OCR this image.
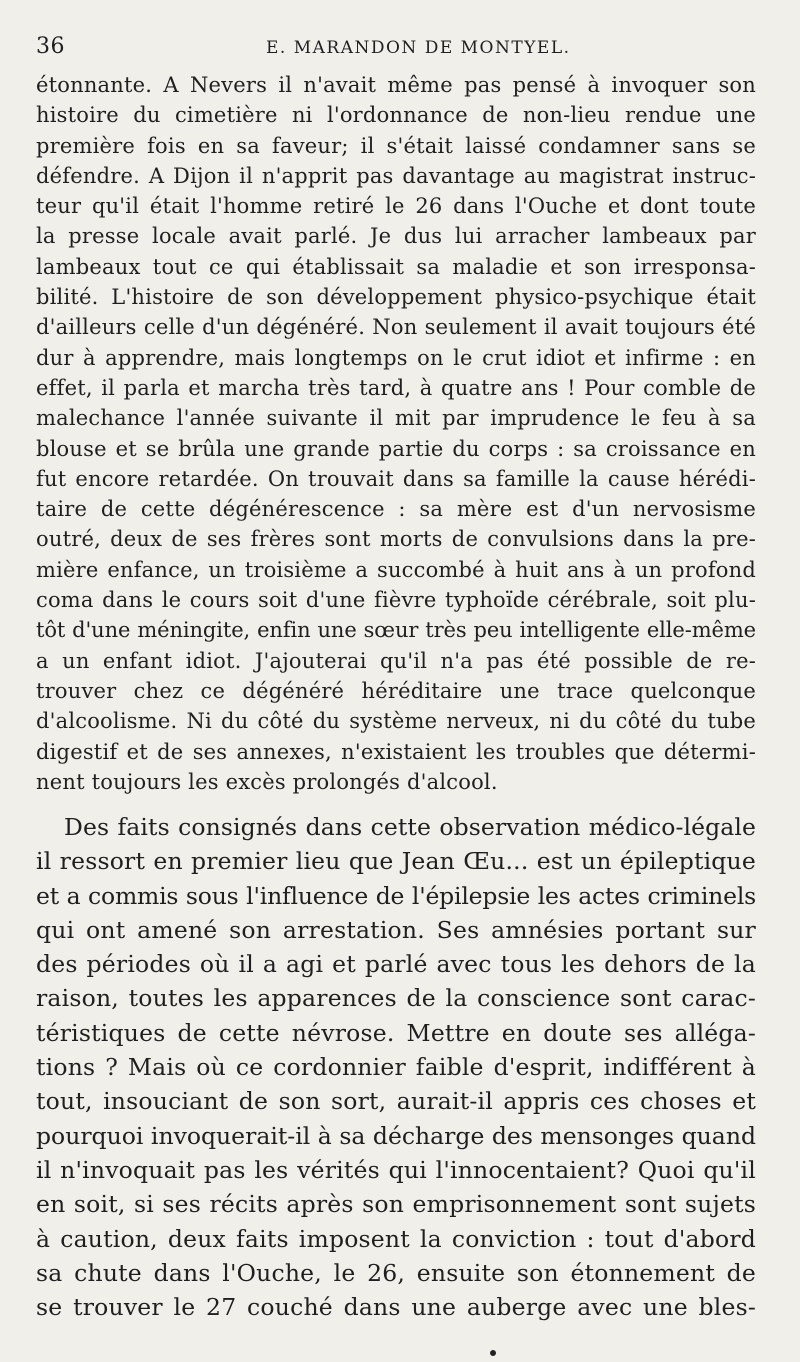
36	E. MARANDON DE MONTYEL.
étonnante. A Nevers il n'avait même pas pensé à invoquer son
histoire du cimetière ni l'ordonnance de non-lieu rendue une
première fois en sa faveur; il s'était laissé condamner sans se
défendre. A Dijon il n'apprit pas davantage au magistrat instruc-
teur qu'il était l'homme retiré le 26 dans l'Ouche et dont toute
la presse locale avait parlé. Je dus lui arracher lambeaux par
lambeaux tout ce qui établissait sa maladie et son irresponsa-
bilité. L'histoire de son développement physico-psychique était
d'ailleurs celle d'un dégénéré. Non seulement il avait toujours été
dur à apprendre, mais longtemps on le crut idiot et infirme : en
effet, il parla et marcha très tard, à quatre ans ! Pour comble de
malechance l'année suivante il mit par imprudence le feu à sa
blouse et se brûla une grande partie du corps : sa croissance en
fut encore retardée. On trouvait dans sa famille la cause hérédi-
taire de cette dégénérescence : sa mère est d'un nervosisme
outré, deux de ses frères sont morts de convulsions dans la pre-
mière enfance, un troisième a succombé à huit ans à un profond
coma dans le cours soit d'une fièvre typhoïde cérébrale, soit plu-
tôt d'une méningite, enfin une sœur très peu intelligente elle-même
a un enfant idiot. J'ajouterai qu'il n'a pas été possible de re-
trouver chez ce dégénéré héréditaire une trace quelconque
d'alcoolisme. Ni du côté du système nerveux, ni du côté du tube
digestif et de ses annexes, n'existaient les troubles que détermi-
nent toujours les excès prolongés d'alcool.
Des faits consignés dans cette observation médico-légale
il ressort en premier lieu que Jean Œu... est un épileptique
et a commis sous l'influence de l'épilepsie les actes criminels
qui ont amené son arrestation. Ses amnésies portant sur
des périodes où il a agi et parlé avec tous les dehors de la
raison, toutes les apparences de la conscience sont carac-
téristiques de cette névrose. Mettre en doute ses alléga-
tions ? Mais où ce cordonnier faible d'esprit, indifférent à
tout, insouciant de son sort, aurait-il appris ces choses et
pourquoi invoquerait-il à sa décharge des mensonges quand
il n'invoquait pas les vérités qui l'innocentaient? Quoi qu'il
en soit, si ses récits après son emprisonnement sont sujets
à caution, deux faits imposent la conviction : tout d'abord
sa chute dans l'Ouche, le 26, ensuite son étonnement de
se trouver le 27 couché dans une auberge avec une bles-
